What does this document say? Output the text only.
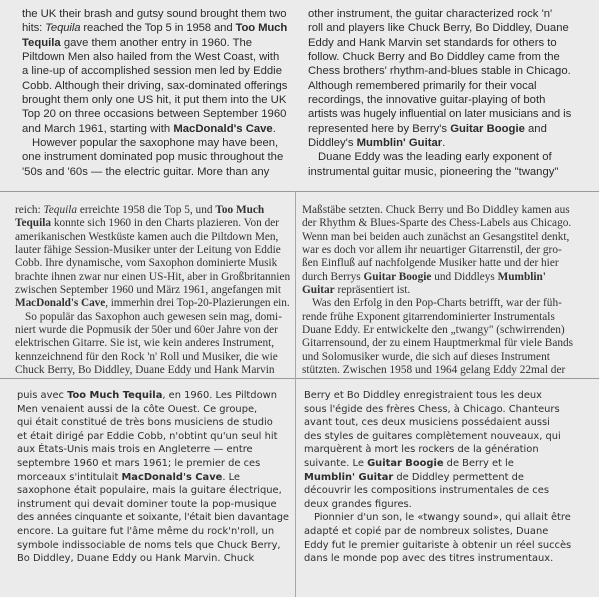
the UK their brash and gutsy sound brought them two
hits: Tequila reached the Top 5 in 1958 and Too Much
Tequila gave them another entry in 1960. The
Piltdown Men also hailed from the West Coast, with
a line-up of accomplished session men led by Eddie
Cobb. Although their driving, sax-dominated offerings
brought them only one US hit, it put them into the UK
Top 20 on three occasions between September 1960
and March 1961, starting with MacDonald's Cave.
However popular the saxophone may have been,
one instrument dominated pop music throughout the
'50s and '60s — the electric guitar. More than any

other instrument, the guitar characterized rock 'n'
roll and players like Chuck Berry, Bo Diddley, Duane
Eddy and Hank Marvin set standards for others to
follow. Chuck Berry and Bo Diddley came from the
Chess brothers' rhythm-and-blues stable in Chicago.
Although remembered primarily for their vocal
recordings, the innovative guitar-playing of both
artists was hugely influential on later musicians and is
represented here by Berry's Guitar Boogie and
Diddley's Mumblin' Guitar.
Duane Eddy was the leading early exponent of
instrumental guitar music, pioneering the "twangy"

reich: Tequila erreichte 1958 die Top 5, und Too Much
Tequila konnte sich 1960 in den Charts plazieren. Von der
amerikanischen Westküste kamen auch die Piltdown Men,
lauter fähige Session-Musiker unter der Leitung von Eddie
Cobb. Ihre dynamische, vom Saxophon dominierte Musik
brachte ihnen zwar nur einen US-Hit, aber in Großbritannien
zwischen September 1960 und März 1961, angefangen mit
MacDonald's Cave, immerhin drei Top-20-Plazierungen ein.
So populär das Saxophon auch gewesen sein mag, domi-
niert wurde die Popmusik der 50er und 60er Jahre von der
elektrischen Gitarre. Sie ist, wie kein anderes Instrument,
kennzeichnend für den Rock 'n' Roll und Musiker, die wie
Chuck Berry, Bo Diddley, Duane Eddy und Hank Marvin

Maßstäbe setzten. Chuck Berry und Bo Diddley kamen aus
der Rhythm & Blues-Sparte des Chess-Labels aus Chicago.
Wenn man bei beiden auch zunächst an Gesangstitel denkt,
war es doch vor allem ihr neuartiger Gitarrenstil, der gro-
ßen Einfluß auf nachfolgende Musiker hatte und der hier
durch Berrys Guitar Boogie und Diddleys Mumblin'
Guitar repräsentiert ist.
Was den Erfolg in den Pop-Charts betrifft, war der füh-
rende frühe Exponent gitarrendominierter Instrumentals
Duane Eddy. Er entwickelte den „twangy" (schwirrenden)
Gitarrensound, der zu einem Hauptmerkmal für viele Bands
und Solomusiker wurde, die sich auf dieses Instrument
stützten. Zwischen 1958 und 1964 gelang Eddy 22mal der

puis avec Too Much Tequila, en 1960. Les Piltdown
Men venaient aussi de la côte Ouest. Ce groupe,
qui était constitué de très bons musiciens de studio
et était dirigé par Eddie Cobb, n'obtint qu'un seul hit
aux États-Unis mais trois en Angleterre — entre
septembre 1960 et mars 1961; le premier de ces
morceaux s'intitulait MacDonald's Cave. Le
saxophone était populaire, mais la guitare électrique,
instrument qui devait dominer toute la pop-musique
des années cinquante et soixante, l'était bien davantage
encore. La guitare fut l'âme même du rock'n'roll, un
symbole indissociable de noms tels que Chuck Berry,
Bo Diddley, Duane Eddy ou Hank Marvin. Chuck

Berry et Bo Diddley enregistraient tous les deux
sous l'égide des frères Chess, à Chicago. Chanteurs
avant tout, ces deux musiciens possédaient aussi
des styles de guitares complètement nouveaux, qui
marquèrent à mort les rockers de la génération
suivante. Le Guitar Boogie de Berry et le
Mumblin' Guitar de Diddley permettent de
découvrir les compositions instrumentales de ces
deux grandes figures.
Pionnier d'un son, le «twangy sound», qui allait être
adapté et copié par de nombreux solistes, Duane
Eddy fut le premier guitariste à obtenir un réel succès
dans le monde pop avec des titres instrumentaux.
